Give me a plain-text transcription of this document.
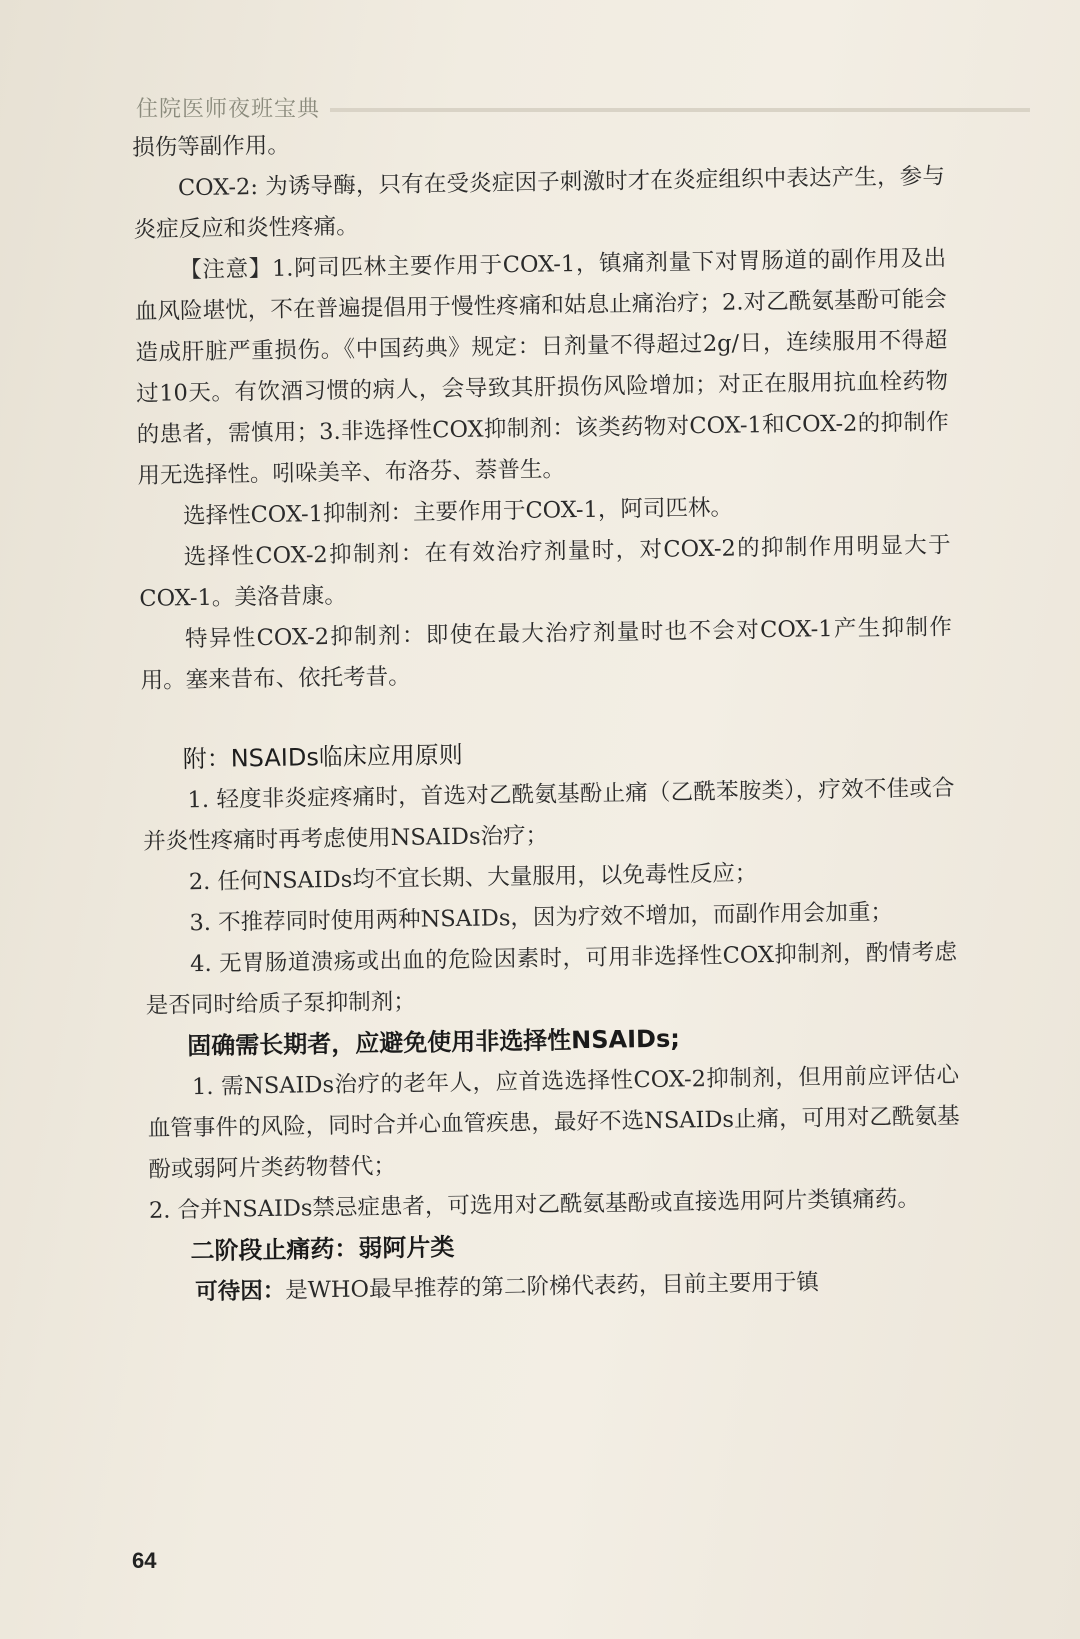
住院医师夜班宝典

损伤等副作用。

COX-2: 为诱导酶，只有在受炎症因子刺激时才在炎症组织中表达产生，参与炎症反应和炎性疼痛。

【注意】1.阿司匹林主要作用于COX-1，镇痛剂量下对胃肠道的副作用及出血风险堪忧，不在普遍提倡用于慢性疼痛和姑息止痛治疗；2.对乙酰氨基酚可能会造成肝脏严重损伤。《中国药典》规定：日剂量不得超过2g/日，连续服用不得超过10天。有饮酒习惯的病人，会导致其肝损伤风险增加；对正在服用抗血栓药物的患者，需慎用；3.非选择性COX抑制剂：该类药物对COX-1和COX-2的抑制作用无选择性。吲哚美辛、布洛芬、萘普生。

选择性COX-1抑制剂：主要作用于COX-1，阿司匹林。

选择性COX-2抑制剂：在有效治疗剂量时，对COX-2的抑制作用明显大于COX-1。美洛昔康。

特异性COX-2抑制剂：即使在最大治疗剂量时也不会对COX-1产生抑制作用。塞来昔布、依托考昔。

附：NSAIDs临床应用原则

1. 轻度非炎症疼痛时，首选对乙酰氨基酚止痛（乙酰苯胺类），疗效不佳或合并炎性疼痛时再考虑使用NSAIDs治疗；

2. 任何NSAIDs均不宜长期、大量服用，以免毒性反应；

3. 不推荐同时使用两种NSAIDs，因为疗效不增加，而副作用会加重；

4. 无胃肠道溃疡或出血的危险因素时，可用非选择性COX抑制剂，酌情考虑是否同时给质子泵抑制剂；

固确需长期者，应避免使用非选择性NSAIDs;

1. 需NSAIDs治疗的老年人，应首选选择性COX-2抑制剂，但用前应评估心血管事件的风险，同时合并心血管疾患，最好不选NSAIDs止痛，可用对乙酰氨基酚或弱阿片类药物替代；

2. 合并NSAIDs禁忌症患者，可选用对乙酰氨基酚或直接选用阿片类镇痛药。

二阶段止痛药：弱阿片类

可待因：是WHO最早推荐的第二阶梯代表药，目前主要用于镇

64
